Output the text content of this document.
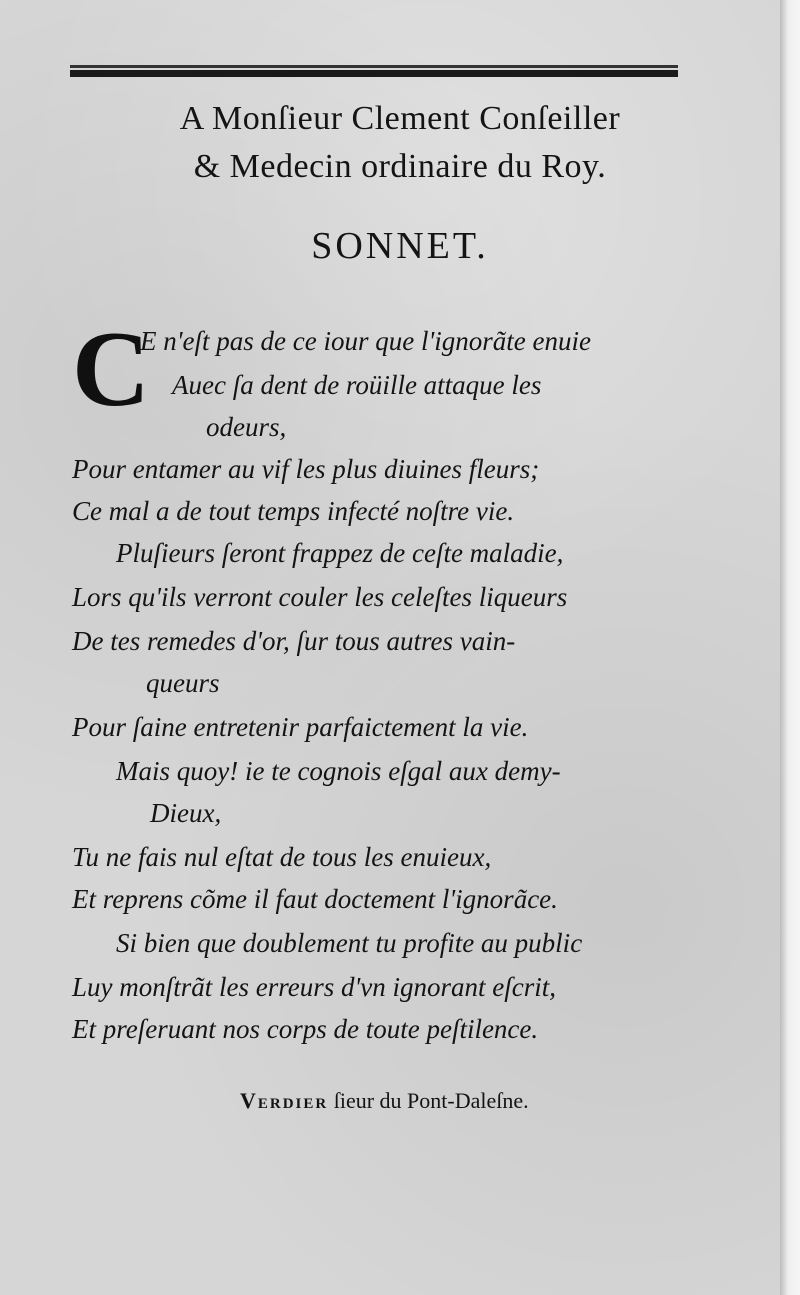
A Monſieur Clement Conſeiller
& Medecin ordinaire du Roy.
SONNET.
C
E n'eſt pas de ce iour que l'ignorãte enuie
Auec ſa dent de roüille attaque les
odeurs,
Pour entamer au vif les plus diuines fleurs;
Ce mal a de tout temps infecté noſtre vie.
Pluſieurs ſeront frappez de ceſte maladie,
Lors qu'ils verront couler les celeſtes liqueurs
De tes remedes d'or, ſur tous autres vain-
queurs
Pour ſaine entretenir parfaictement la vie.
Mais quoy! ie te cognois eſgal aux demy-
Dieux,
Tu ne fais nul eſtat de tous les enuieux,
Et reprens cõme il faut doctement l'ignorãce.
Si bien que doublement tu profite au public
Luy monſtrãt les erreurs d'vn ignorant eſcrit,
Et preſeruant nos corps de toute peſtilence.
Verdier ſieur du Pont-Daleſne.
